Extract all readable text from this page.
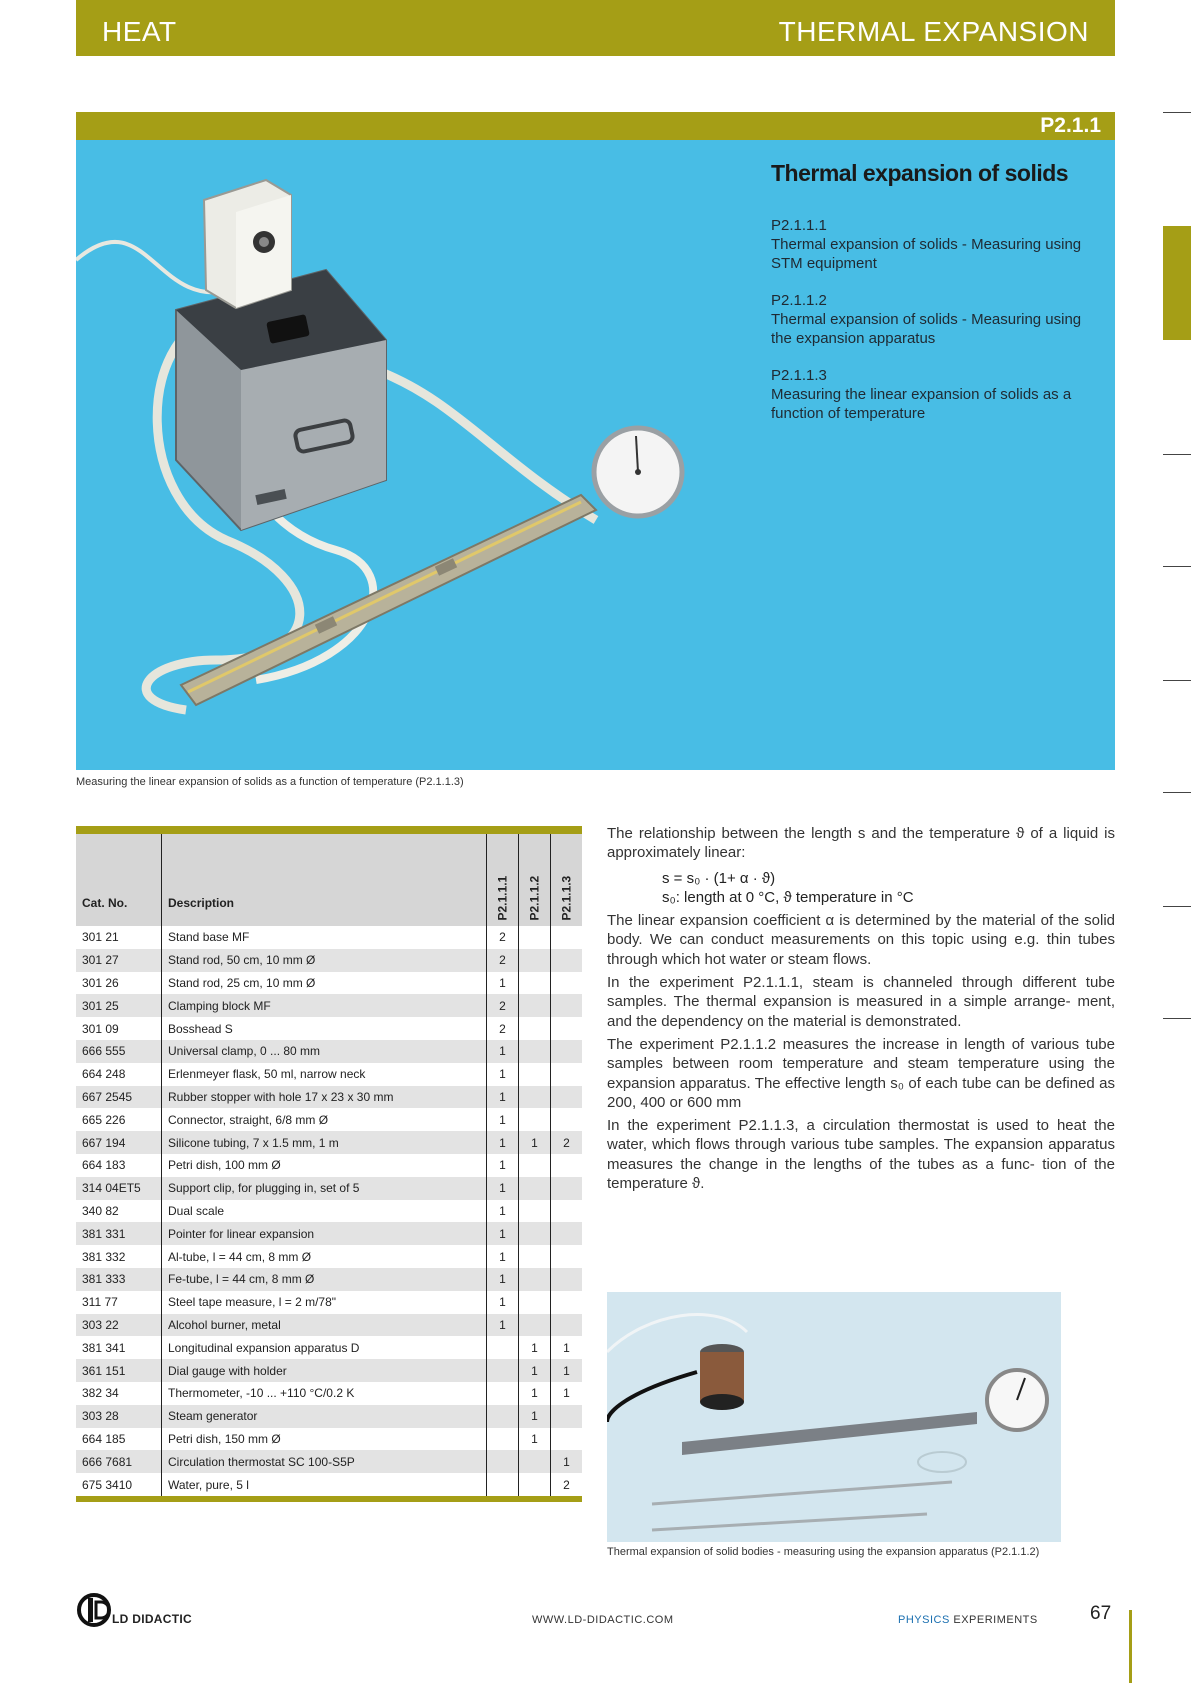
HEAT	THERMAL EXPANSION
P2.1.1
Thermal expansion of solids
P2.1.1.1
Thermal expansion of solids - Measuring using STM equipment
P2.1.1.2
Thermal expansion of solids - Measuring using the expansion apparatus
P2.1.1.3
Measuring the linear expansion of solids as a function of temperature
Measuring the linear expansion of solids as a function of temperature (P2.1.1.3)
Cat. No.	Description	P2.1.1.1	P2.1.1.2	P2.1.1.3

301 21	Stand base MF	2		
301 27	Stand rod, 50 cm, 10 mm Ø	2		
301 26	Stand rod, 25 cm, 10 mm Ø	1		
301 25	Clamping block MF	2		
301 09	Bosshead S	2		
666 555	Universal clamp, 0 ... 80 mm	1		
664 248	Erlenmeyer flask, 50 ml, narrow neck	1		
667 2545	Rubber stopper with hole 17 x 23 x 30 mm	1		
665 226	Connector, straight, 6/8 mm Ø	1		
667 194	Silicone tubing, 7 x 1.5 mm, 1 m	1	1	2
664 183	Petri dish, 100 mm Ø	1		
314 04ET5	Support clip, for plugging in, set of 5	1		
340 82	Dual scale	1		
381 331	Pointer for linear expansion	1		
381 332	Al-tube, l = 44 cm, 8 mm Ø	1		
381 333	Fe-tube, l = 44 cm, 8 mm Ø	1		
311 77	Steel tape measure, l = 2 m/78"	1		
303 22	Alcohol burner, metal	1		
381 341	Longitudinal expansion apparatus D		1	1
361 151	Dial gauge with holder		1	1
382 34	Thermometer, -10 ... +110 °C/0.2 K		1	1
303 28	Steam generator		1	
664 185	Petri dish, 150 mm Ø		1	
666 7681	Circulation thermostat SC 100-S5P			1
675 3410	Water, pure, 5 l			2

The relationship between the length s and the temperature ϑ of a liquid is approximately linear:

s = s₀ · (1+ α · ϑ)
s₀: length at 0 °C, ϑ temperature in °C

The linear expansion coefficient α is determined by the material of the solid body. We can conduct measurements on this topic using e.g. thin tubes through which hot water or steam flows.

In the experiment P2.1.1.1, steam is channeled through different tube samples. The thermal expansion is measured in a simple arrange- ment, and the dependency on the material is demonstrated.

The experiment P2.1.1.2 measures the increase in length of various tube samples between room temperature and steam temperature using the expansion apparatus. The effective length s₀ of each tube can be defined as 200, 400 or 600 mm

In the experiment P2.1.1.3, a circulation thermostat is used to heat the water, which flows through various tube samples. The expansion apparatus measures the change in the lengths of the tubes as a func- tion of the temperature ϑ.

Thermal expansion of solid bodies - measuring using the expansion apparatus (P2.1.1.2)
LD DIDACTIC	WWW.LD-DIDACTIC.COM	PHYSICS EXPERIMENTS	67
